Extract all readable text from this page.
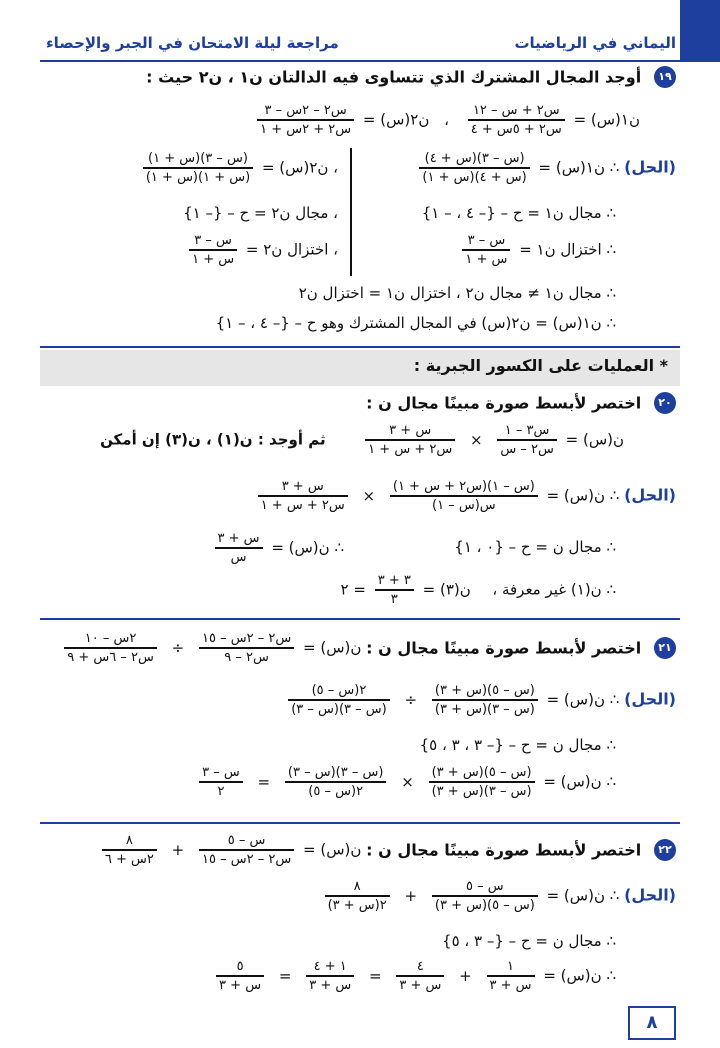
اليماني في الرياضيات
مراجعة ليلة الامتحان في الجبر والإحصاء
١٩ أوجد المجال المشترك الذي تتساوى فيه الدالتان ن١ ، ن٢ حيث :
ن١(س) =
$\frac{\text{س٢ + س – ١٢}}{\text{س٢ + ٥س + ٤}}$
، ن٢(س) =
$\frac{\text{س٢ – ٢س – ٣}}{\text{س٢ + ٢س + ١}}$
(الحل) ∴ ن١(س) =
$\frac{\text{(س – ٣)(س + ٤)}}{\text{(س + ٤)(س + ١)}}$
، ن٢(س) =
$\frac{\text{(س – ٣)(س + ١)}}{\text{(س + ١)(س + ١)}}$
∴ مجال ن١ = ح – {– ٤ ، – ١}
، مجال ن٢ = ح – {– ١}
∴ اختزال ن١ =
$\frac{\text{س – ٣}}{\text{س + ١}}$
، اختزال ن٢ =
$\frac{\text{س – ٣}}{\text{س + ١}}$
∴ مجال ن١ ≠ مجال ن٢ ، اختزال ن١ = اختزال ن٢
∴ ن١(س) = ن٢(س) في المجال المشترك وهو ح – {– ٤ ، – ١}
* العمليات على الكسور الجبرية :
٢٠ اختصر لأبسط صورة مبينًا مجال ن :
ن(س) =
$\frac{\text{س٣ – ١}}{\text{س٢ – س}}$
×
$\frac{\text{س + ٣}}{\text{س٢ + س + ١}}$
ثم أوجد : ن(١) ، ن(٣) إن أمكن
(الحل) ∴ ن(س) =
$\frac{\text{(س – ١)(س٢ + س + ١)}}{\text{س(س – ١)}}$
×
$\frac{\text{س + ٣}}{\text{س٢ + س + ١}}$
∴ مجال ن = ح – {٠ ، ١}
∴ ن(س) =
$\frac{\text{س + ٣}}{\text{س}}$
∴ ن(١) غير معرفة ،  ن(٣) =
$\frac{٣ + ٣}{٣}$
= ٢
٢١ اختصر لأبسط صورة مبينًا مجال ن : ن(س) =
$\frac{\text{س٢ – ٢س – ١٥}}{\text{س٢ – ٩}}$
÷
$\frac{\text{٢س – ١٠}}{\text{س٢ – ٦س + ٩}}$
(الحل) ∴ ن(س) =
$\frac{\text{(س – ٥)(س + ٣)}}{\text{(س – ٣)(س + ٣)}}$
÷
$\frac{\text{٢(س – ٥)}}{\text{(س – ٣)(س – ٣)}}$
∴ مجال ن = ح – {– ٣ ، ٣ ، ٥}
∴ ن(س) =
$\frac{\text{(س – ٥)(س + ٣)}}{\text{(س – ٣)(س + ٣)}}$
×
$\frac{\text{(س – ٣)(س – ٣)}}{\text{٢(س – ٥)}}$
=
$\frac{\text{س – ٣}}{٢}$
٢٢ اختصر لأبسط صورة مبينًا مجال ن : ن(س) =
$\frac{\text{س – ٥}}{\text{س٢ – ٢س – ١٥}}$
+
$\frac{٨}{\text{٢س + ٦}}$
(الحل) ∴ ن(س) =
$\frac{\text{س – ٥}}{\text{(س – ٥)(س + ٣)}}$
+
$\frac{٨}{\text{٢(س + ٣)}}$
∴ مجال ن = ح – {– ٣ ، ٥}
∴ ن(س) =
$\frac{١}{\text{س + ٣}}$
+
$\frac{٤}{\text{س + ٣}}$
=
$\frac{١ + ٤}{\text{س + ٣}}$
=
$\frac{٥}{\text{س + ٣}}$
٨
